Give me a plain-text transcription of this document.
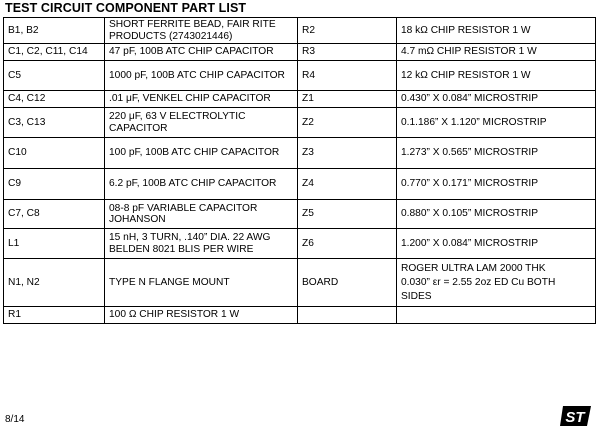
TEST CIRCUIT COMPONENT PART LIST
B1, B2	SHORT FERRITE BEAD, FAIR RITE PRODUCTS (2743021446)	R2	18 kΩ CHIP RESISTOR 1 W
C1, C2, C11, C14	47 pF, 100B ATC CHIP CAPACITOR	R3	4.7 mΩ CHIP RESISTOR 1 W
C5	1000 pF, 100B ATC CHIP CAPACITOR	R4	12 kΩ CHIP RESISTOR 1 W
C4, C12	.01 μF, VENKEL CHIP CAPACITOR	Z1	0.430” X 0.084” MICROSTRIP
C3, C13	220 μF, 63 V ELECTROLYTIC CAPACITOR	Z2	0.1.186” X 1.120” MICROSTRIP
C10	100 pF, 100B ATC CHIP CAPACITOR	Z3	1.273” X 0.565” MICROSTRIP
C9	6.2 pF, 100B ATC CHIP CAPACITOR	Z4	0.770” X 0.171” MICROSTRIP
C7, C8	08-8 pF VARIABLE CAPACITOR JOHANSON	Z5	0.880” X 0.105” MICROSTRIP
L1	15 nH, 3 TURN, .140” DIA. 22 AWG BELDEN 8021 BLIS PER WIRE	Z6	1.200” X 0.084” MICROSTRIP
N1, N2	TYPE N FLANGE MOUNT	BOARD	ROGER ULTRA LAM 2000 THK
0.030” εr = 2.55 2oz ED Cu BOTH
SIDES

R1	100 Ω CHIP RESISTOR 1 W		
8/14	ST
